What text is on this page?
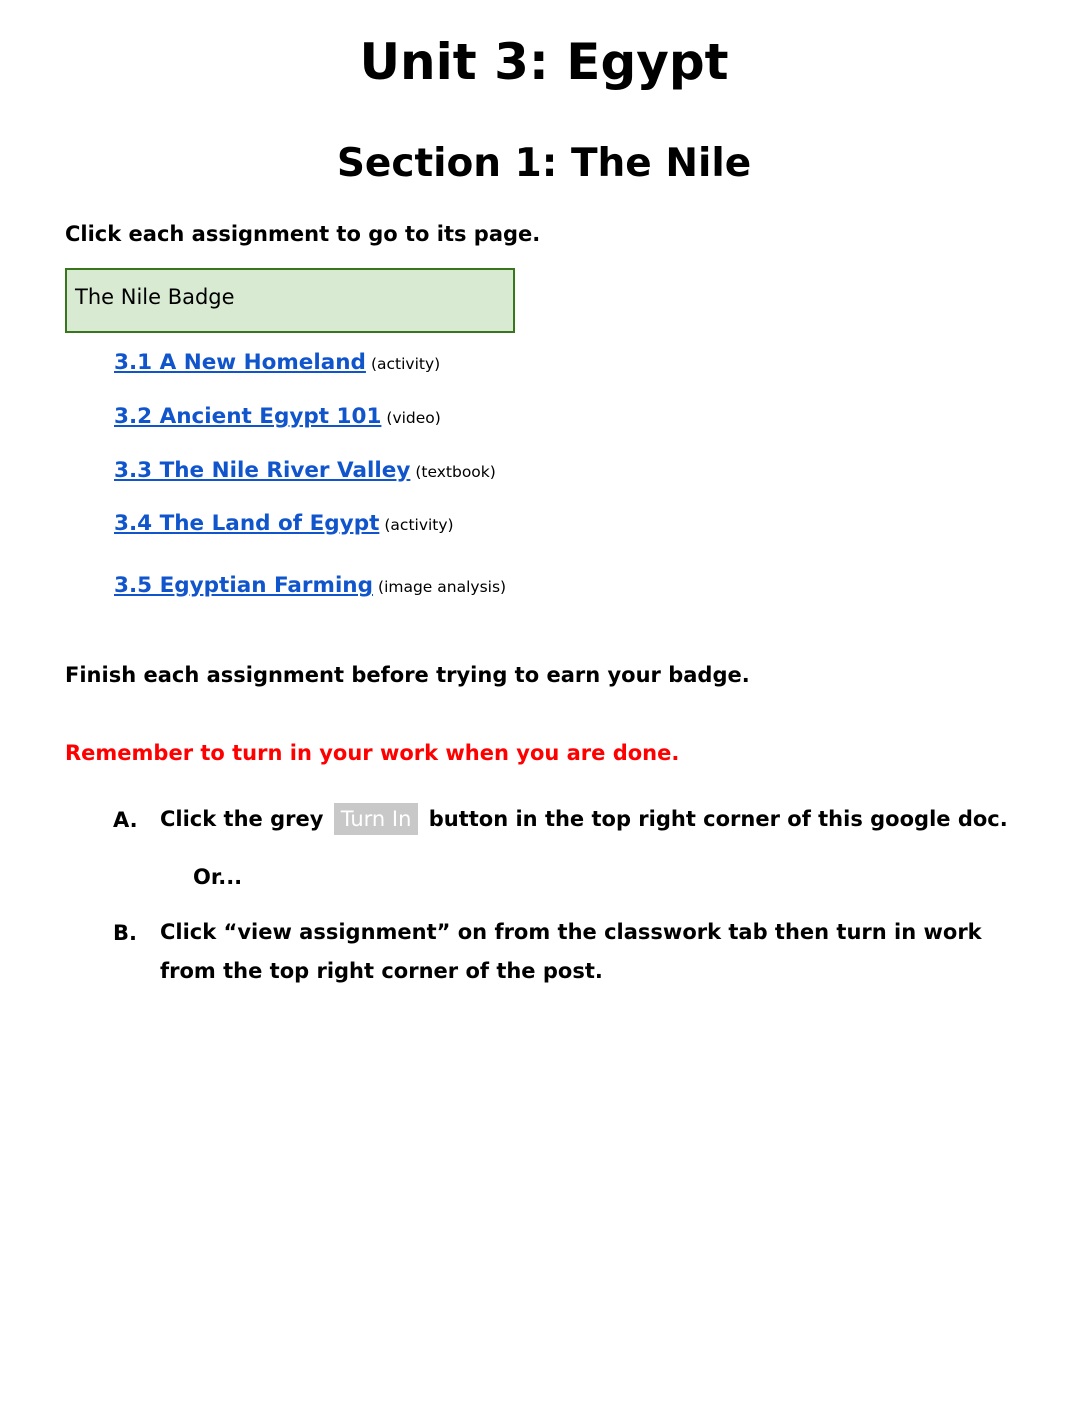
Unit 3: Egypt
Section 1: The Nile
Click each assignment to go to its page.
The Nile Badge
3.1 A New Homeland (activity)
3.2 Ancient Egypt 101 (video)
3.3 The Nile River Valley (textbook)
3.4 The Land of Egypt (activity)
3.5 Egyptian Farming (image analysis)
Finish each assignment before trying to earn your badge.
Remember to turn in your work when you are done.
A. Click the grey Turn In button in the top right corner of this google doc.
Or...
B. Click “view assignment” on from the classwork tab then turn in work from the top right corner of the post.
